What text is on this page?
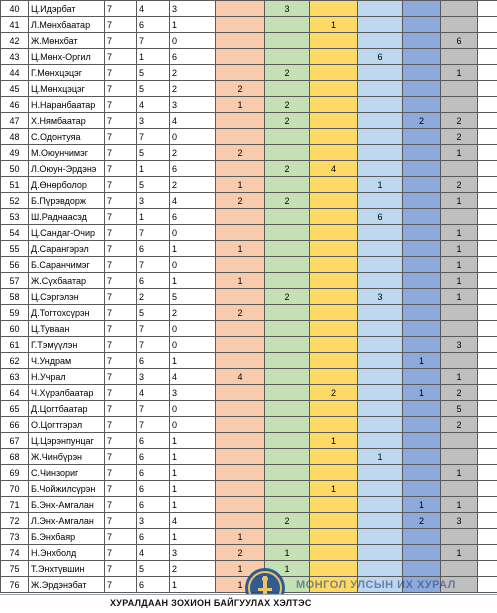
40	Ц.Идэрбат	7	4	3		3					
41	Л.Мөнхбаатар	7	6	1			1				
42	Ж.Мөнхбат	7	7	0						6	
43	Ц.Мөнх-Оргил	7	1	6				6			
44	Г.Мөнхцэцэг	7	5	2		2				1	
45	Ц.Мөнхцэцэг	7	5	2	2						
46	Н.Наранбаатар	7	4	3	1	2					
47	Х.Нямбаатар	7	3	4		2			2	2	
48	С.Одонтуяа	7	7	0						2	
49	М.Оюунчимэг	7	5	2	2					1	
50	Л.Оюун-Эрдэнэ	7	1	6		2	4				
51	Д.Өнөрболор	7	5	2	1			1		2	
52	Б.Пүрэвдорж	7	3	4	2	2				1	
53	Ш.Раднаасэд	7	1	6				6			
54	Ц.Сандаг-Очир	7	7	0						1	
55	Д.Сарангэрэл	7	6	1	1					1	
56	Б.Саранчимэг	7	7	0						1	
57	Ж.Сүхбаатар	7	6	1	1					1	
58	Ц.Сэргэлэн	7	2	5		2		3		1	
59	Д.Тогтохсүрэн	7	5	2	2						
60	Ц.Туваан	7	7	0							
61	Г.Тэмүүлэн	7	7	0						3	
62	Ч.Ундрам	7	6	1					1		
63	Н.Учрал	7	3	4	4					1	
64	Ч.Хүрэлбаатар	7	4	3			2		1	2	
65	Д.Цогтбаатар	7	7	0						5	
66	О.Цогтгэрэл	7	7	0						2	
67	Ц.Цэрэнпунцаг	7	6	1			1				
68	Ж.Чинбүрэн	7	6	1				1			
69	С.Чинзориг	7	6	1						1	
70	Б.Чойжилсүрэн	7	6	1			1				
71	Б.Энх-Амгалан	7	6	1					1	1	
72	Л.Энх-Амгалан	7	3	4		2			2	3	
73	Б.Энхбаяр	7	6	1	1						
74	Н.Энхболд	7	4	3	2	1				1	
75	Т.Энхтүвшин	7	5	2	1	1					
76	Ж.Эрдэнэбат	7	6	1	1							МОНГОЛ УЛСЫН ИХ ХУРАЛ
ХУРАЛДААН ЗОХИОН БАЙГУУЛАХ ХЭЛТЭС
